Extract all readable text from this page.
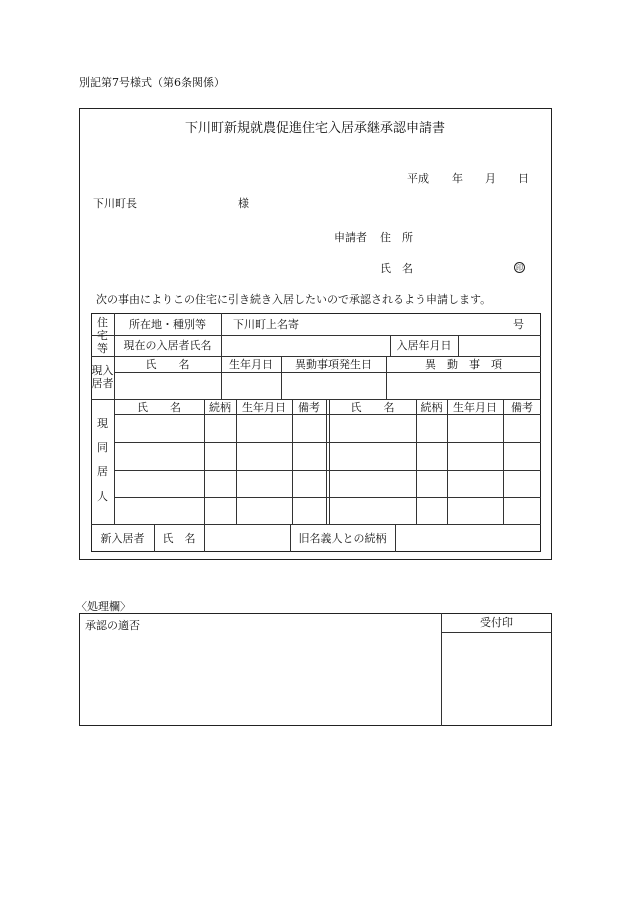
別記第7号様式（第6条関係）
下川町新規就農促進住宅入居承継承認申請書
平成 年 月 日
下川町長	様
申請者 住　所
氏　名	印
次の事由によりこの住宅に引き続き入居したいので承認されるよう申請します。
住
宅
等
所在地・種別等	下川町上名寄	号
現在の入居者氏名	入居年月日
現入
居者
氏　　名	生年月日	異動事項発生日	異　動　事　項
現
同
居
人
氏　　名	続柄	生年月日	備考	氏　　名	続柄 生年月日	備考
新入居者	氏　名	旧名義人との続柄
〈処理欄〉
承認の適否	受付印
